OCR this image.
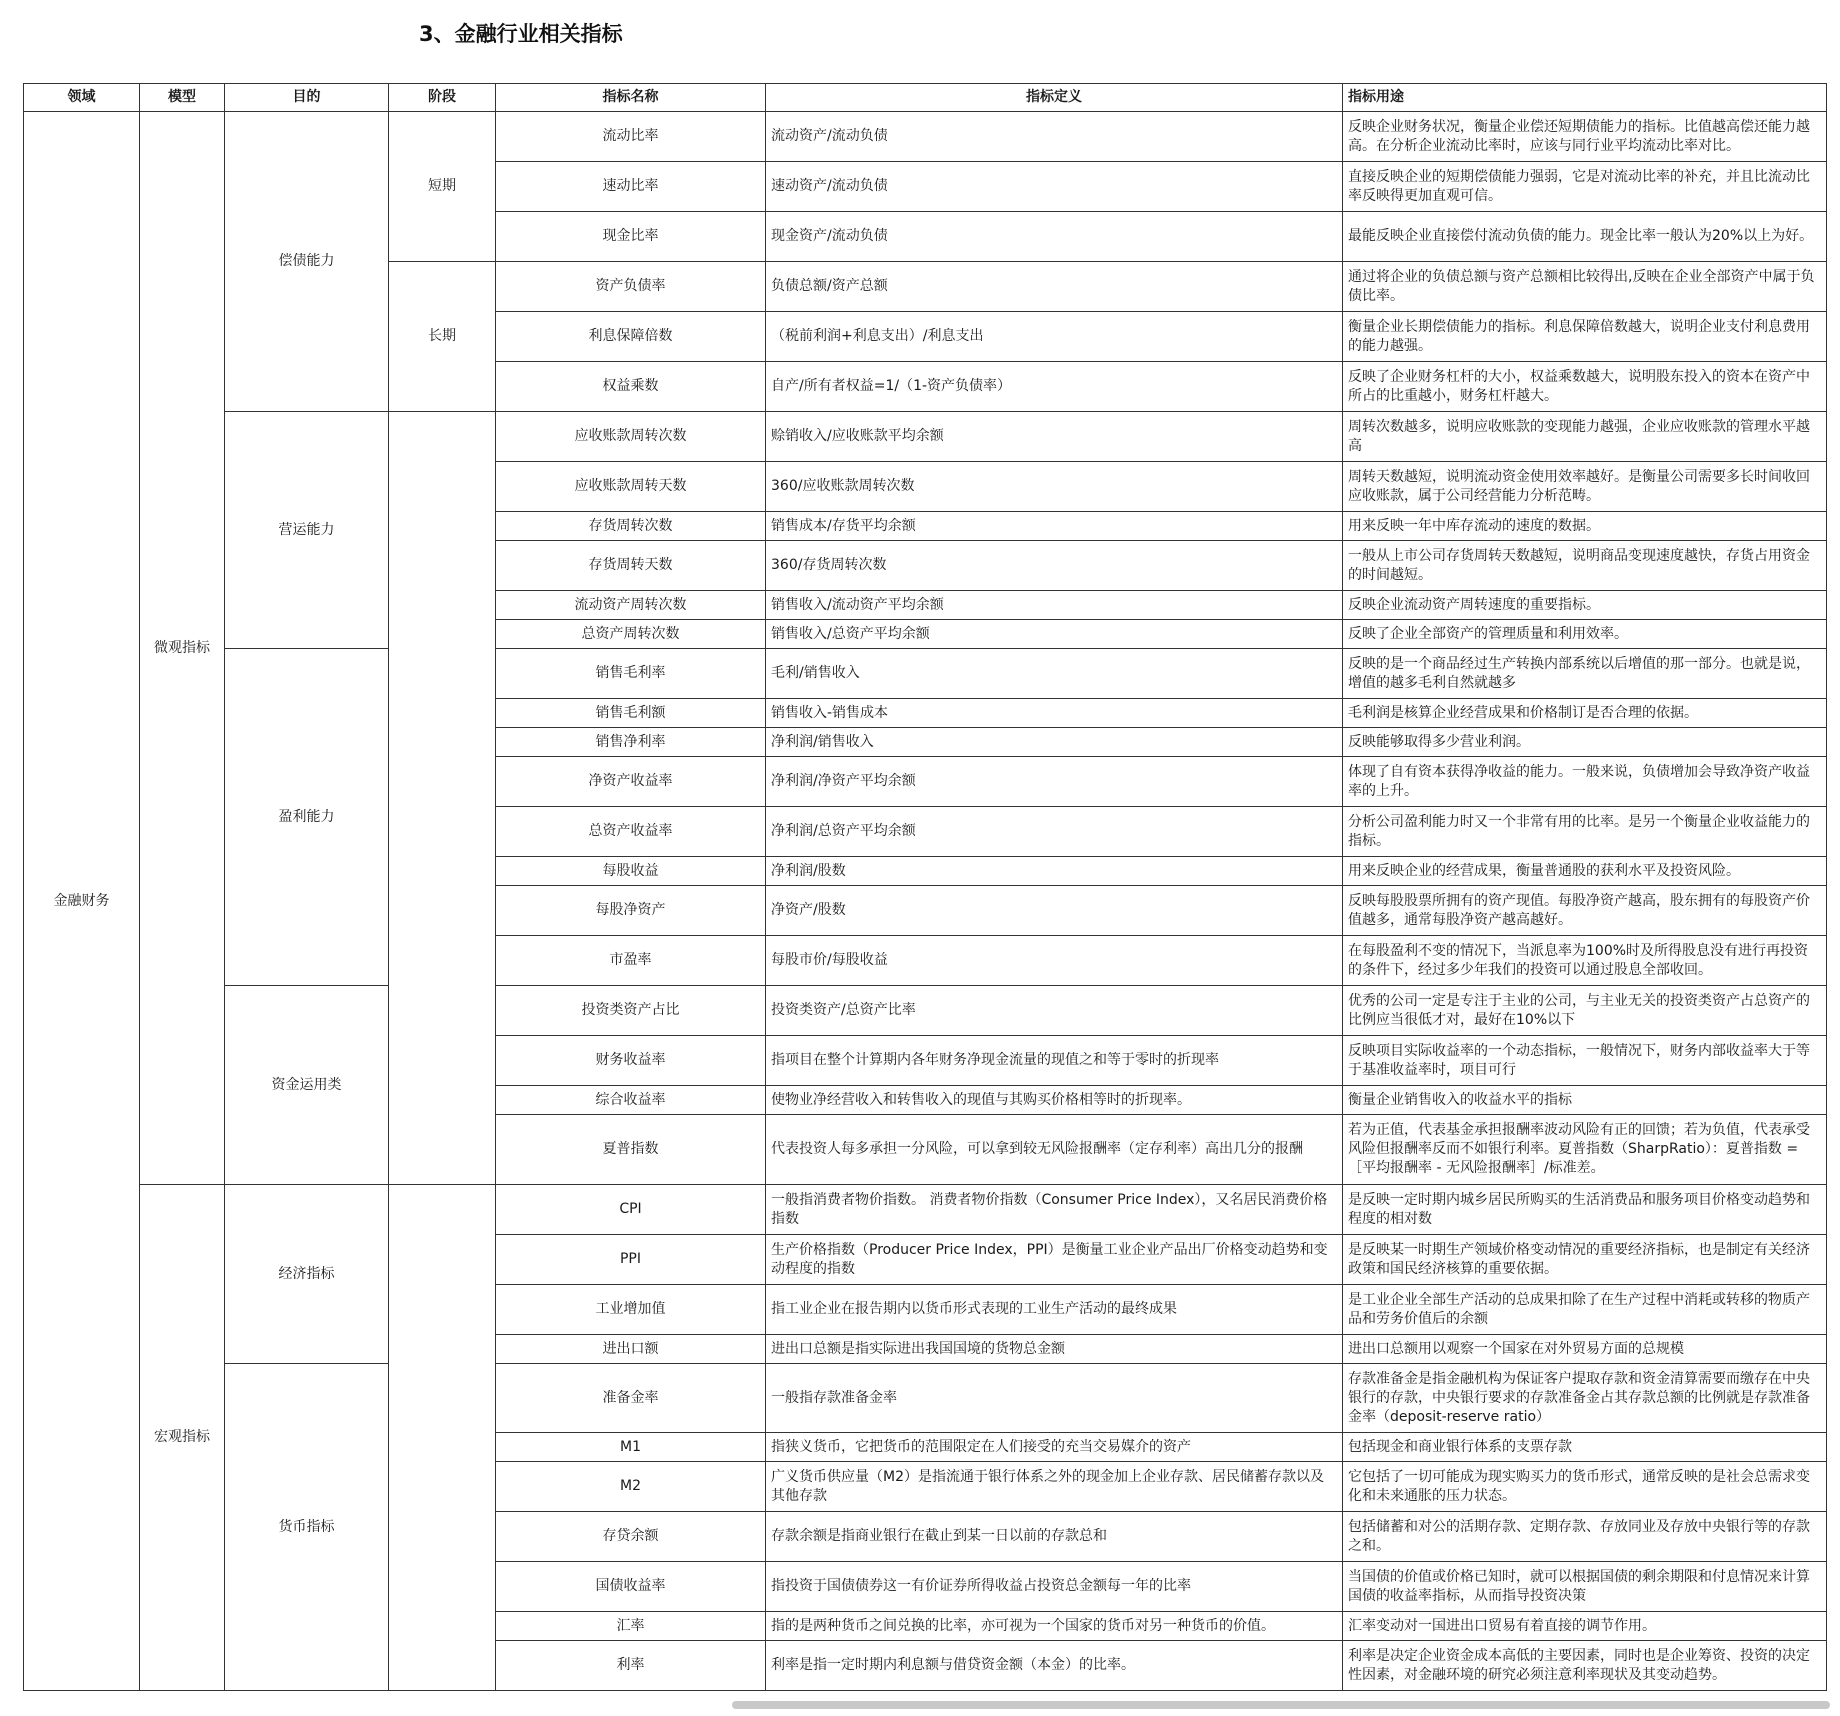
3、金融行业相关指标
领域	模型	目的	阶段	指标名称	指标定义	指标用途
金融财务	微观指标	偿债能力	短期	流动比率	流动资产/流动负债	反映企业财务状况，衡量企业偿还短期债能力的指标。比值越高偿还能力越高。在分析企业流动比率时，应该与同行业平均流动比率对比。
				速动比率	速动资产/流动负债	直接反映企业的短期偿债能力强弱，它是对流动比率的补充，并且比流动比率反映得更加直观可信。
				现金比率	现金资产/流动负债	最能反映企业直接偿付流动负债的能力。现金比率一般认为20%以上为好。
			长期	资产负债率	负债总额/资产总额	通过将企业的负债总额与资产总额相比较得出,反映在企业全部资产中属于负债比率。
				利息保障倍数	（税前利润+利息支出）/利息支出	衡量企业长期偿债能力的指标。利息保障倍数越大，说明企业支付利息费用的能力越强。
				权益乘数	自产/所有者权益=1/（1-资产负债率）	反映了企业财务杠杆的大小，权益乘数越大，说明股东投入的资本在资产中所占的比重越小，财务杠杆越大。
		营运能力		应收账款周转次数	赊销收入/应收账款平均余额	周转次数越多，说明应收账款的变现能力越强，企业应收账款的管理水平越高
				应收账款周转天数	360/应收账款周转次数	周转天数越短，说明流动资金使用效率越好。是衡量公司需要多长时间收回应收账款，属于公司经营能力分析范畴。
				存货周转次数	销售成本/存货平均余额	用来反映一年中库存流动的速度的数据。
				存货周转天数	360/存货周转次数	一般从上市公司存货周转天数越短，说明商品变现速度越快，存货占用资金的时间越短。
				流动资产周转次数	销售收入/流动资产平均余额	反映企业流动资产周转速度的重要指标。
				总资产周转次数	销售收入/总资产平均余额	反映了企业全部资产的管理质量和利用效率。
		盈利能力		销售毛利率	毛利/销售收入	反映的是一个商品经过生产转换内部系统以后增值的那一部分。也就是说，增值的越多毛利自然就越多
				销售毛利额	销售收入-销售成本	毛利润是核算企业经营成果和价格制订是否合理的依据。
				销售净利率	净利润/销售收入	反映能够取得多少营业利润。
				净资产收益率	净利润/净资产平均余额	体现了自有资本获得净收益的能力。一般来说，负债增加会导致净资产收益率的上升。
				总资产收益率	净利润/总资产平均余额	分析公司盈利能力时又一个非常有用的比率。是另一个衡量企业收益能力的指标。
				每股收益	净利润/股数	用来反映企业的经营成果，衡量普通股的获利水平及投资风险。
				每股净资产	净资产/股数	反映每股股票所拥有的资产现值。每股净资产越高，股东拥有的每股资产价值越多，通常每股净资产越高越好。
				市盈率	每股市价/每股收益	在每股盈利不变的情况下，当派息率为100%时及所得股息没有进行再投资的条件下，经过多少年我们的投资可以通过股息全部收回。
		资金运用类		投资类资产占比	投资类资产/总资产比率	优秀的公司一定是专注于主业的公司，与主业无关的投资类资产占总资产的比例应当很低才对，最好在10%以下
				财务收益率	指项目在整个计算期内各年财务净现金流量的现值之和等于零时的折现率	反映项目实际收益率的一个动态指标，一般情况下，财务内部收益率大于等于基准收益率时，项目可行
				综合收益率	使物业净经营收入和转售收入的现值与其购买价格相等时的折现率。	衡量企业销售收入的收益水平的指标
				夏普指数	代表投资人每多承担一分风险，可以拿到较无风险报酬率（定存利率）高出几分的报酬	若为正值，代表基金承担报酬率波动风险有正的回馈；若为负值，代表承受风险但报酬率反而不如银行利率。夏普指数（SharpRatio）：夏普指数 =［平均报酬率 - 无风险报酬率］/标准差。
	宏观指标	经济指标		CPI	一般指消费者物价指数。 消费者物价指数（Consumer Price Index），又名居民消费价格指数	是反映一定时期内城乡居民所购买的生活消费品和服务项目价格变动趋势和程度的相对数
				PPI	生产价格指数（Producer Price Index，PPI）是衡量工业企业产品出厂价格变动趋势和变动程度的指数	是反映某一时期生产领域价格变动情况的重要经济指标，也是制定有关经济政策和国民经济核算的重要依据。
				工业增加值	指工业企业在报告期内以货币形式表现的工业生产活动的最终成果	是工业企业全部生产活动的总成果扣除了在生产过程中消耗或转移的物质产品和劳务价值后的余额
				进出口额	进出口总额是指实际进出我国国境的货物总金额	进出口总额用以观察一个国家在对外贸易方面的总规模
		货币指标		准备金率	一般指存款准备金率	存款准备金是指金融机构为保证客户提取存款和资金清算需要而缴存在中央银行的存款，中央银行要求的存款准备金占其存款总额的比例就是存款准备金率（deposit-reserve ratio）
				M1	指狭义货币，它把货币的范围限定在人们接受的充当交易媒介的资产	包括现金和商业银行体系的支票存款
				M2	广义货币供应量（M2）是指流通于银行体系之外的现金加上企业存款、居民储蓄存款以及其他存款	它包括了一切可能成为现实购买力的货币形式，通常反映的是社会总需求变化和未来通胀的压力状态。
				存贷余额	存款余额是指商业银行在截止到某一日以前的存款总和	包括储蓄和对公的活期存款、定期存款、存放同业及存放中央银行等的存款之和。
				国债收益率	指投资于国债债券这一有价证券所得收益占投资总金额每一年的比率	当国债的价值或价格已知时，就可以根据国债的剩余期限和付息情况来计算国债的收益率指标，从而指导投资决策
				汇率	指的是两种货币之间兑换的比率，亦可视为一个国家的货币对另一种货币的价值。	汇率变动对一国进出口贸易有着直接的调节作用。
				利率	利率是指一定时期内利息额与借贷资金额（本金）的比率。	利率是决定企业资金成本高低的主要因素，同时也是企业筹资、投资的决定性因素，对金融环境的研究必须注意利率现状及其变动趋势。
